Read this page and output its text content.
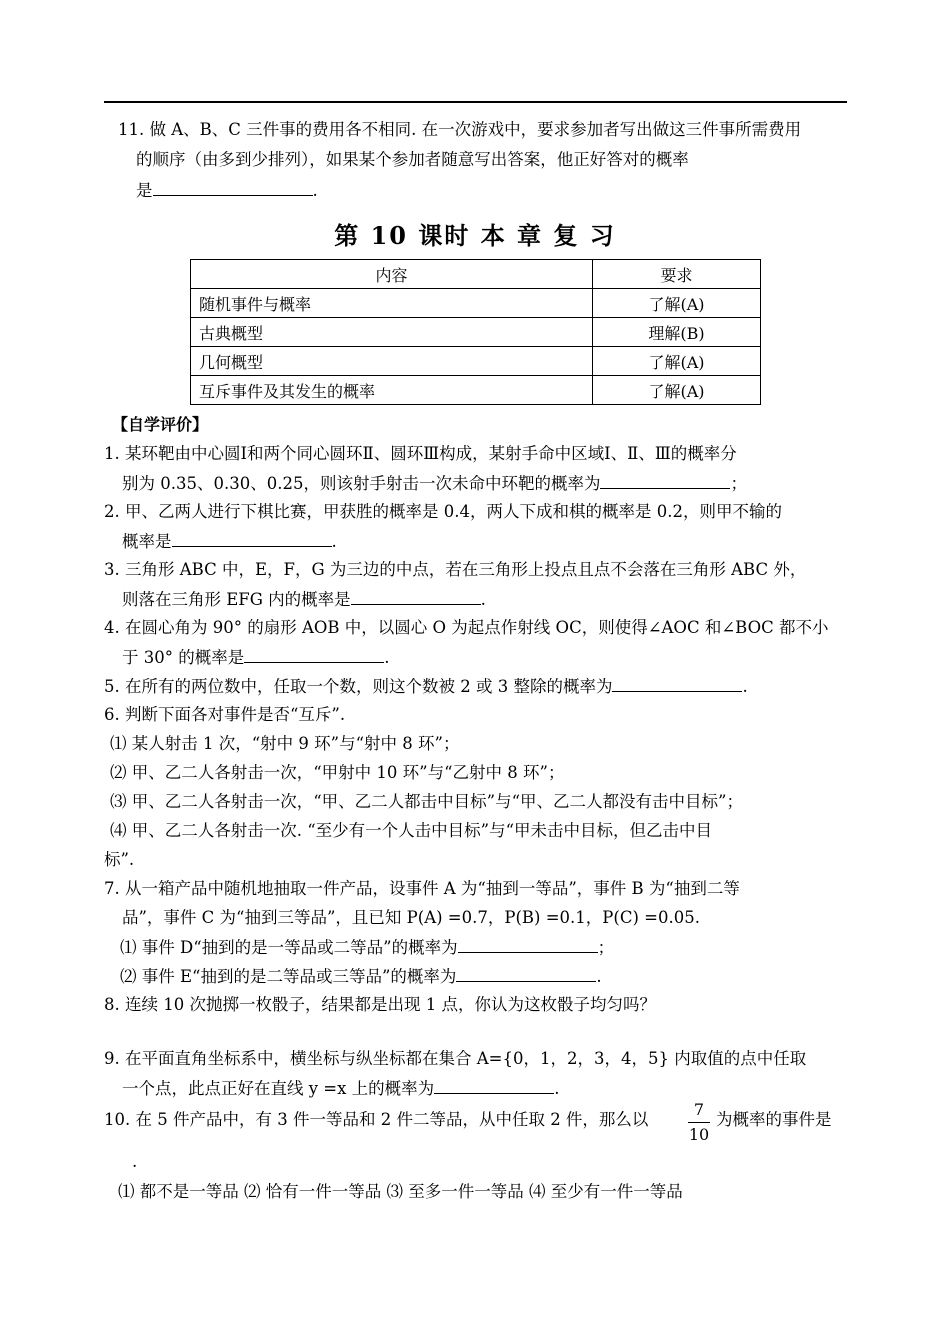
11. 做 A、B、C 三件事的费用各不相同. 在一次游戏中，要求参加者写出做这三件事所需费用
的顺序（由多到少排列），如果某个参加者随意写出答案，他正好答对的概率
是	.
第 10 课时 本 章 复 习
内容	要求
随机事件与概率	了解(A)
古典概型	理解(B)
几何概型	了解(A)
互斥事件及其发生的概率	了解(A)
【自学评价】
1. 某环靶由中心圆Ⅰ和两个同心圆环Ⅱ、圆环Ⅲ构成，某射手命中区域Ⅰ、Ⅱ、Ⅲ的概率分
别为 0.35、0.30、0.25，则该射手射击一次未命中环靶的概率为	；
2. 甲、乙两人进行下棋比赛，甲获胜的概率是 0.4，两人下成和棋的概率是 0.2，则甲不输的
概率是	.
3. 三角形 ABC 中，E，F，G 为三边的中点，若在三角形上投点且点不会落在三角形 ABC 外，
则落在三角形 EFG 内的概率是	.
4. 在圆心角为 90° 的扇形 AOB 中，以圆心 O 为起点作射线 OC，则使得∠AOC 和∠BOC 都不小
于 30° 的概率是	.
5. 在所有的两位数中，任取一个数，则这个数被 2 或 3 整除的概率为	.
6. 判断下面各对事件是否“互斥”.
⑴ 某人射击 1 次，“射中 9 环”与“射中 8 环”；
⑵ 甲、乙二人各射击一次，“甲射中 10 环”与“乙射中 8 环”；
⑶ 甲、乙二人各射击一次，“甲、乙二人都击中目标”与“甲、乙二人都没有击中目标”；
⑷ 甲、乙二人各射击一次. “至少有一个人击中目标”与“甲未击中目标，但乙击中目
标”.
7. 从一箱产品中随机地抽取一件产品，设事件 A 为“抽到一等品”，事件 B 为“抽到二等
品”，事件 C 为“抽到三等品”，且已知 P(A) =0.7，P(B) =0.1，P(C) =0.05.
⑴ 事件 D“抽到的是一等品或二等品”的概率为	；
⑵ 事件 E“抽到的是二等品或三等品”的概率为	.
8. 连续 10 次抛掷一枚骰子，结果都是出现 1 点，你认为这枚骰子均匀吗？
9. 在平面直角坐标系中，横坐标与纵坐标都在集合 A={0，1，2，3，4，5} 内取值的点中任取
一个点，此点正好在直线 y =x 上的概率为	.
10. 在 5 件产品中，有 3 件一等品和 2 件二等品，从中任取 2 件，那么以
7
10
为概率的事件是
.
⑴ 都不是一等品 ⑵ 恰有一件一等品 ⑶ 至多一件一等品 ⑷ 至少有一件一等品
